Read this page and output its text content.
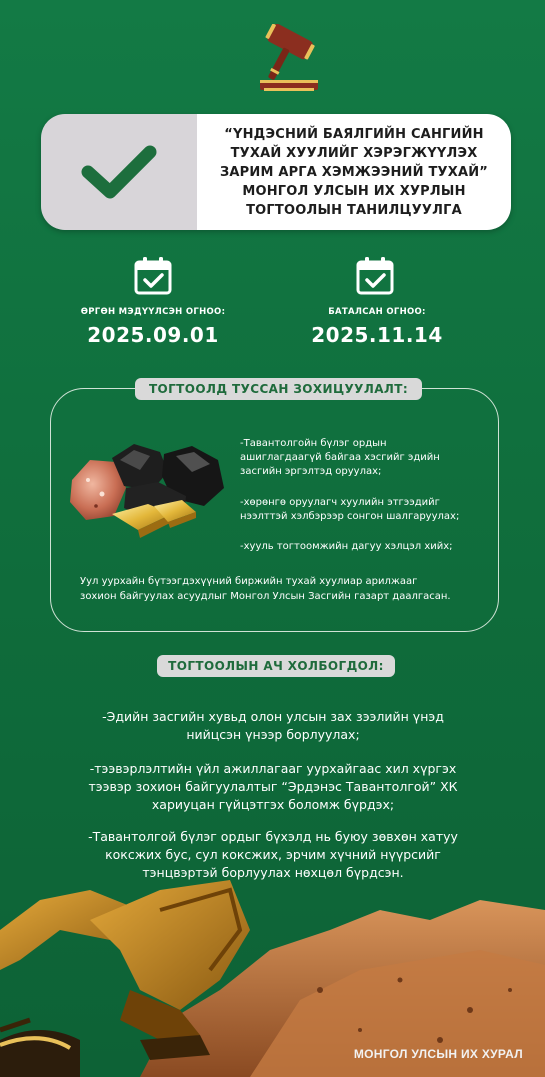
“ҮНДЭСНИЙ БАЯЛГИЙН САНГИЙН
ТУХАЙ ХУУЛИЙГ ХЭРЭГЖҮҮЛЭХ
ЗАРИМ АРГА ХЭМЖЭЭНИЙ ТУХАЙ”
МОНГОЛ УЛСЫН ИХ ХУРЛЫН
ТОГТООЛЫН ТАНИЛЦУУЛГА
ӨРГӨН МЭДҮҮЛСЭН ОГНОО:
2025.09.01
БАТАЛСАН ОГНОО:
2025.11.14
ТОГТООЛД ТУССАН ЗОХИЦУУЛАЛТ:
-Тавантолгойн бүлэг ордын
ашиглагдаагүй байгаа хэсгийг эдийн
засгийн эргэлтэд оруулах;
-хөрөнгө оруулагч хуулийн этгээдийг
нээлттэй хэлбэрээр сонгон шалгаруулах;
-хууль тогтоомжийн дагуу хэлцэл хийх;
Уул уурхайн бүтээгдэхүүний биржийн тухай хуулиар арилжааг
зохион байгуулах асуудлыг Монгол Улсын Засгийн газарт даалгасан.
ТОГТООЛЫН АЧ ХОЛБОГДОЛ:
-Эдийн засгийн хувьд олон улсын зах зээлийн үнэд
нийцсэн үнээр борлуулах;
-тээвэрлэлтийн үйл ажиллагааг уурхайгаас хил хүргэх
тээвэр зохион байгуулалтыг “Эрдэнэс Тавантолгой” ХК
хариуцан гүйцэтгэх боломж бүрдэх;
-Тавантолгой бүлэг ордыг бүхэлд нь буюу зөвхөн хатуу
коксжих бус, сул коксжих, эрчим хүчний нүүрсийг
тэнцвэртэй борлуулах нөхцөл бүрдсэн.
МОНГОЛ УЛСЫН ИХ ХУРАЛ
